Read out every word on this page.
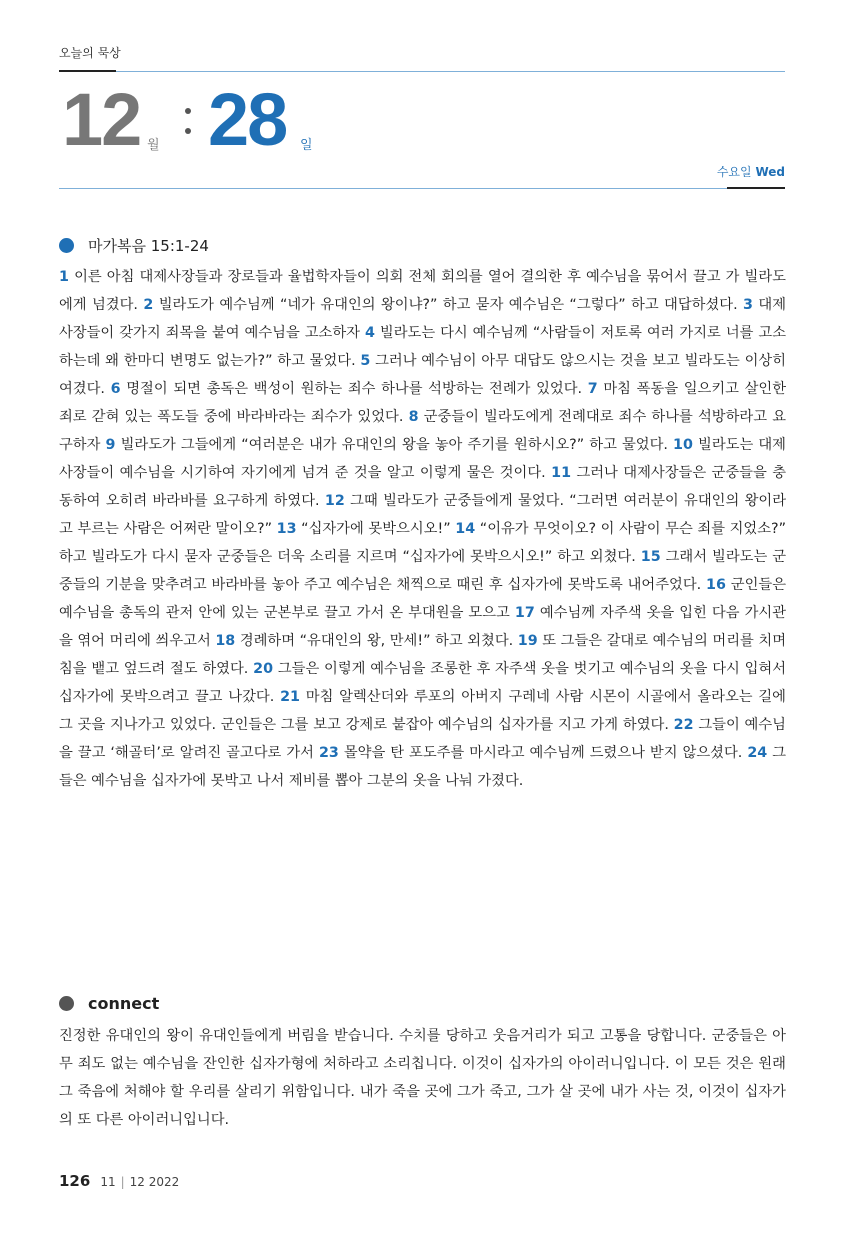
오늘의 묵상
12 월 28 일
수요일 Wed
마가복음 15:1-24

1 이른 아침 대제사장들과 장로들과 율법학자들이 의회 전체 회의를 열어 결의한 후 예수님을 묶어서 끌고 가 빌라도에게 넘겼다. 2 빌라도가 예수님께 “네가 유대인의 왕이냐?” 하고 묻자 예수님은 “그렇다” 하고 대답하셨다. 3 대제사장들이 갖가지 죄목을 붙여 예수님을 고소하자 4 빌라도는 다시 예수님께 “사람들이 저토록 여러 가지로 너를 고소하는데 왜 한마디 변명도 없는가?” 하고 물었다. 5 그러나 예수님이 아무 대답도 않으시는 것을 보고 빌라도는 이상히 여겼다. 6 명절이 되면 총독은 백성이 원하는 죄수 하나를 석방하는 전례가 있었다. 7 마침 폭동을 일으키고 살인한 죄로 갇혀 있는 폭도들 중에 바라바라는 죄수가 있었다. 8 군중들이 빌라도에게 전례대로 죄수 하나를 석방하라고 요구하자 9 빌라도가 그들에게 “여러분은 내가 유대인의 왕을 놓아 주기를 원하시오?” 하고 물었다. 10 빌라도는 대제사장들이 예수님을 시기하여 자기에게 넘겨 준 것을 알고 이렇게 물은 것이다. 11 그러나 대제사장들은 군중들을 충동하여 오히려 바라바를 요구하게 하였다. 12 그때 빌라도가 군중들에게 물었다. “그러면 여러분이 유대인의 왕이라고 부르는 사람은 어쩌란 말이오?” 13 “십자가에 못박으시오!” 14 “이유가 무엇이오? 이 사람이 무슨 죄를 지었소?” 하고 빌라도가 다시 묻자 군중들은 더욱 소리를 지르며 “십자가에 못박으시오!” 하고 외쳤다. 15 그래서 빌라도는 군중들의 기분을 맞추려고 바라바를 놓아 주고 예수님은 채찍으로 때린 후 십자가에 못박도록 내어주었다. 16 군인들은 예수님을 총독의 관저 안에 있는 군본부로 끌고 가서 온 부대원을 모으고 17 예수님께 자주색 옷을 입힌 다음 가시관을 엮어 머리에 씌우고서 18 경례하며 “유대인의 왕, 만세!” 하고 외쳤다. 19 또 그들은 갈대로 예수님의 머리를 치며 침을 뱉고 엎드려 절도 하였다. 20 그들은 이렇게 예수님을 조롱한 후 자주색 옷을 벗기고 예수님의 옷을 다시 입혀서 십자가에 못박으려고 끌고 나갔다. 21 마침 알렉산더와 루포의 아버지 구레네 사람 시몬이 시골에서 올라오는 길에 그 곳을 지나가고 있었다. 군인들은 그를 보고 강제로 붙잡아 예수님의 십자가를 지고 가게 하였다. 22 그들이 예수님을 끌고 ‘해골터’로 알려진 골고다로 가서 23 몰약을 탄 포도주를 마시라고 예수님께 드렸으나 받지 않으셨다. 24 그들은 예수님을 십자가에 못박고 나서 제비를 뽑아 그분의 옷을 나눠 가졌다.

connect

진정한 유대인의 왕이 유대인들에게 버림을 받습니다. 수치를 당하고 웃음거리가 되고 고통을 당합니다. 군중들은 아무 죄도 없는 예수님을 잔인한 십자가형에 처하라고 소리칩니다. 이것이 십자가의 아이러니입니다. 이 모든 것은 원래 그 죽음에 처해야 할 우리를 살리기 위함입니다. 내가 죽을 곳에 그가 죽고, 그가 살 곳에 내가 사는 것, 이것이 십자가의 또 다른 아이러니입니다.

126 11 | 12 2022
